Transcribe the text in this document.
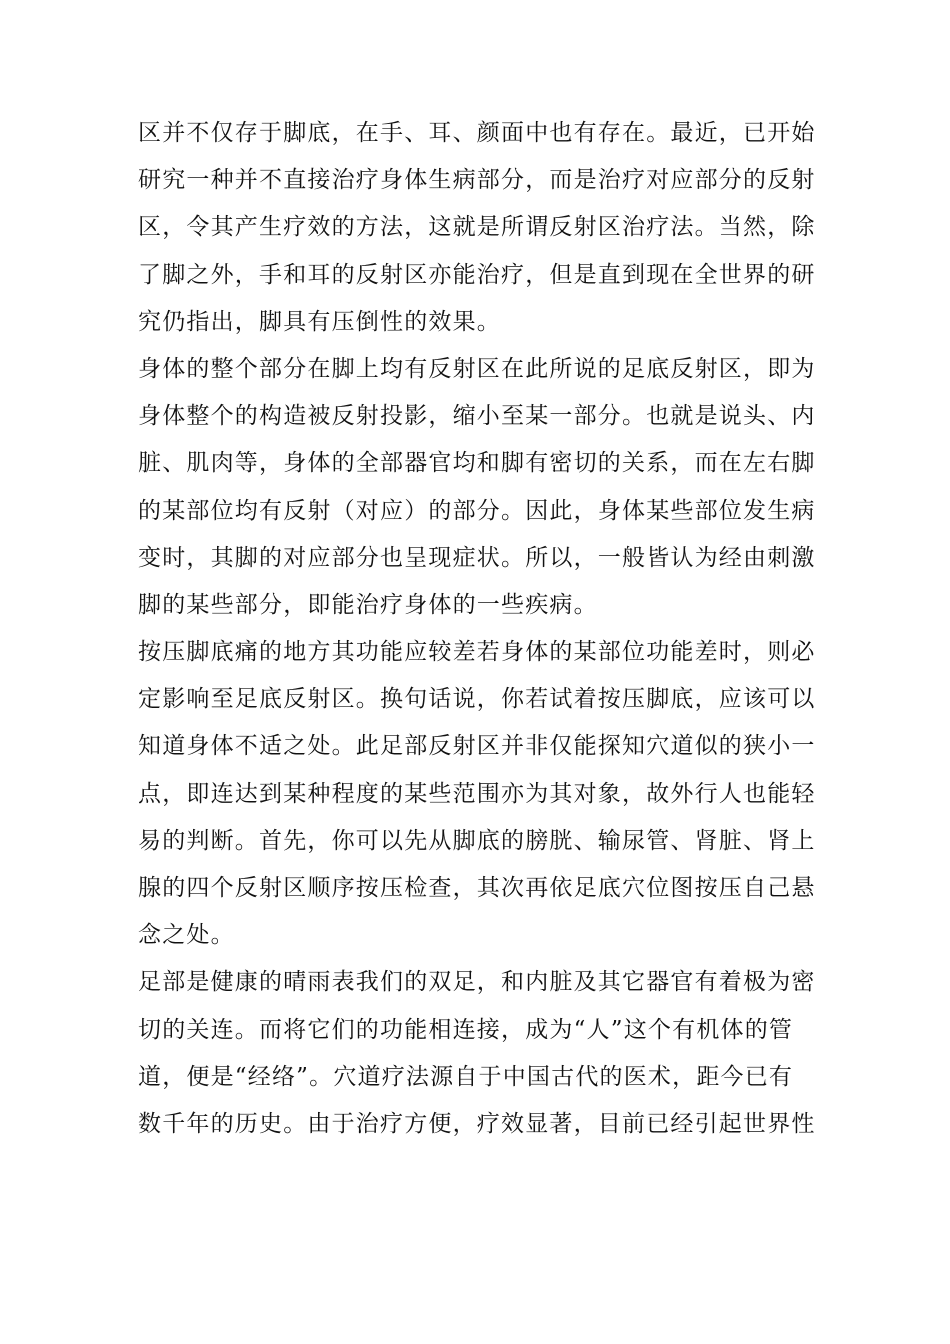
区并不仅存于脚底，在手、耳、颜面中也有存在。最近，已开始
研究一种并不直接治疗身体生病部分，而是治疗对应部分的反射
区，令其产生疗效的方法，这就是所谓反射区治疗法。当然，除
了脚之外，手和耳的反射区亦能治疗，但是直到现在全世界的研
究仍指出，脚具有压倒性的效果。

身体的整个部分在脚上均有反射区在此所说的足底反射区，即为
身体整个的构造被反射投影，缩小至某一部分。也就是说头、内
脏、肌肉等，身体的全部器官均和脚有密切的关系，而在左右脚
的某部位均有反射（对应）的部分。因此，身体某些部位发生病
变时，其脚的对应部分也呈现症状。所以，一般皆认为经由刺激
脚的某些部分，即能治疗身体的一些疾病。

按压脚底痛的地方其功能应较差若身体的某部位功能差时，则必
定影响至足底反射区。换句话说，你若试着按压脚底，应该可以
知道身体不适之处。此足部反射区并非仅能探知穴道似的狭小一
点，即连达到某种程度的某些范围亦为其对象，故外行人也能轻
易的判断。首先，你可以先从脚底的膀胱、输尿管、肾脏、肾上
腺的四个反射区顺序按压检查，其次再依足底穴位图按压自己悬
念之处。

足部是健康的晴雨表我们的双足，和内脏及其它器官有着极为密
切的关连。而将它们的功能相连接，成为“人”这个有机体的管
道，便是“经络”。穴道疗法源自于中国古代的医术，距今已有
数千年的历史。由于治疗方便，疗效显著，目前已经引起世界性
